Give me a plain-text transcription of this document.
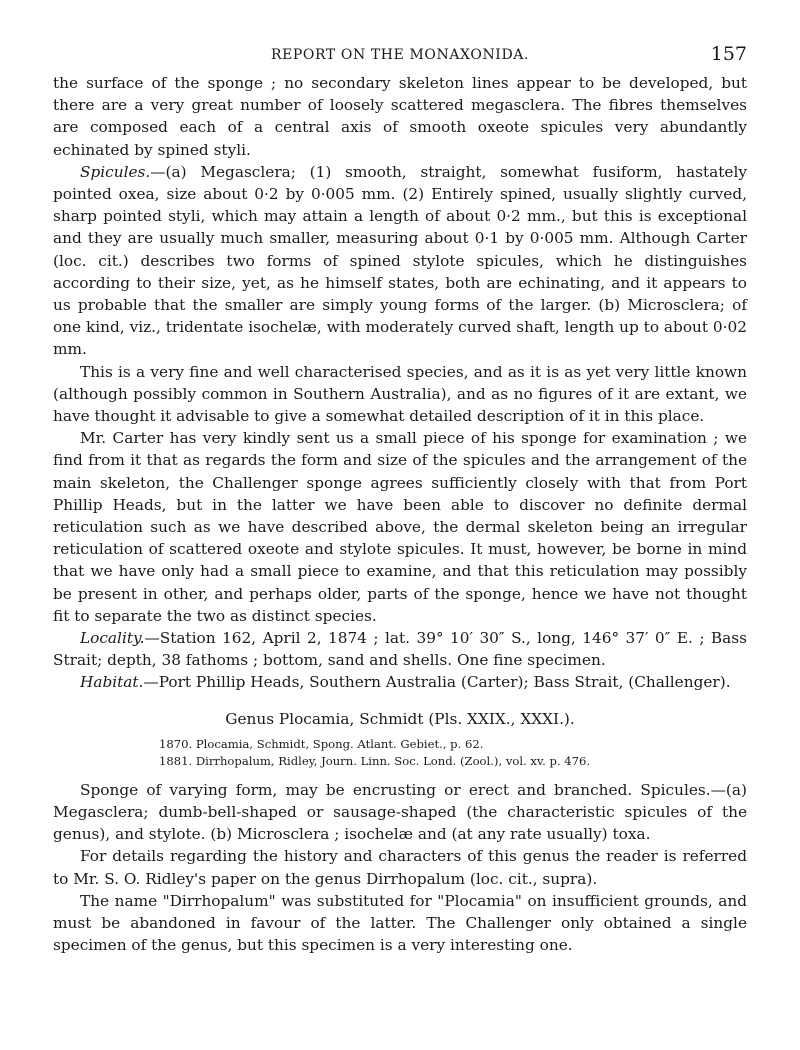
REPORT ON THE MONAXONIDA.	157

the surface of the sponge ; no secondary skeleton lines appear to be developed, but there are a very great number of loosely scattered megasclera. The fibres themselves are composed each of a central axis of smooth oxeote spicules very abundantly echinated by spined styli.

Spicules.—(a) Megasclera; (1) smooth, straight, somewhat fusiform, hastately pointed oxea, size about 0·2 by 0·005 mm. (2) Entirely spined, usually slightly curved, sharp pointed styli, which may attain a length of about 0·2 mm., but this is exceptional and they are usually much smaller, measuring about 0·1 by 0·005 mm. Although Carter (loc. cit.) describes two forms of spined stylote spicules, which he distinguishes according to their size, yet, as he himself states, both are echinating, and it appears to us probable that the smaller are simply young forms of the larger. (b) Microsclera; of one kind, viz., tridentate isochelæ, with moderately curved shaft, length up to about 0·02 mm.

This is a very fine and well characterised species, and as it is as yet very little known (although possibly common in Southern Australia), and as no figures of it are extant, we have thought it advisable to give a somewhat detailed description of it in this place.

Mr. Carter has very kindly sent us a small piece of his sponge for examination ; we find from it that as regards the form and size of the spicules and the arrangement of the main skeleton, the Challenger sponge agrees sufficiently closely with that from Port Phillip Heads, but in the latter we have been able to discover no definite dermal reticulation such as we have described above, the dermal skeleton being an irregular reticulation of scattered oxeote and stylote spicules. It must, however, be borne in mind that we have only had a small piece to examine, and that this reticulation may possibly be present in other, and perhaps older, parts of the sponge, hence we have not thought fit to separate the two as distinct species.

Locality.—Station 162, April 2, 1874 ; lat. 39° 10′ 30″ S., long, 146° 37′ 0″ E. ; Bass Strait; depth, 38 fathoms ; bottom, sand and shells. One fine specimen.

Habitat.—Port Phillip Heads, Southern Australia (Carter); Bass Strait, (Challenger).

Genus Plocamia, Schmidt (Pls. XXIX., XXXI.).
1870. Plocamia, Schmidt, Spong. Atlant. Gebiet., p. 62.
1881. Dirrhopalum, Ridley, Journ. Linn. Soc. Lond. (Zool.), vol. xv. p. 476.

Sponge of varying form, may be encrusting or erect and branched. Spicules.—(a) Megasclera; dumb-bell-shaped or sausage-shaped (the characteristic spicules of the genus), and stylote. (b) Microsclera ; isochelæ and (at any rate usually) toxa.

For details regarding the history and characters of this genus the reader is referred to Mr. S. O. Ridley's paper on the genus Dirrhopalum (loc. cit., supra).

The name "Dirrhopalum" was substituted for "Plocamia" on insufficient grounds, and must be abandoned in favour of the latter. The Challenger only obtained a single specimen of the genus, but this specimen is a very interesting one.
